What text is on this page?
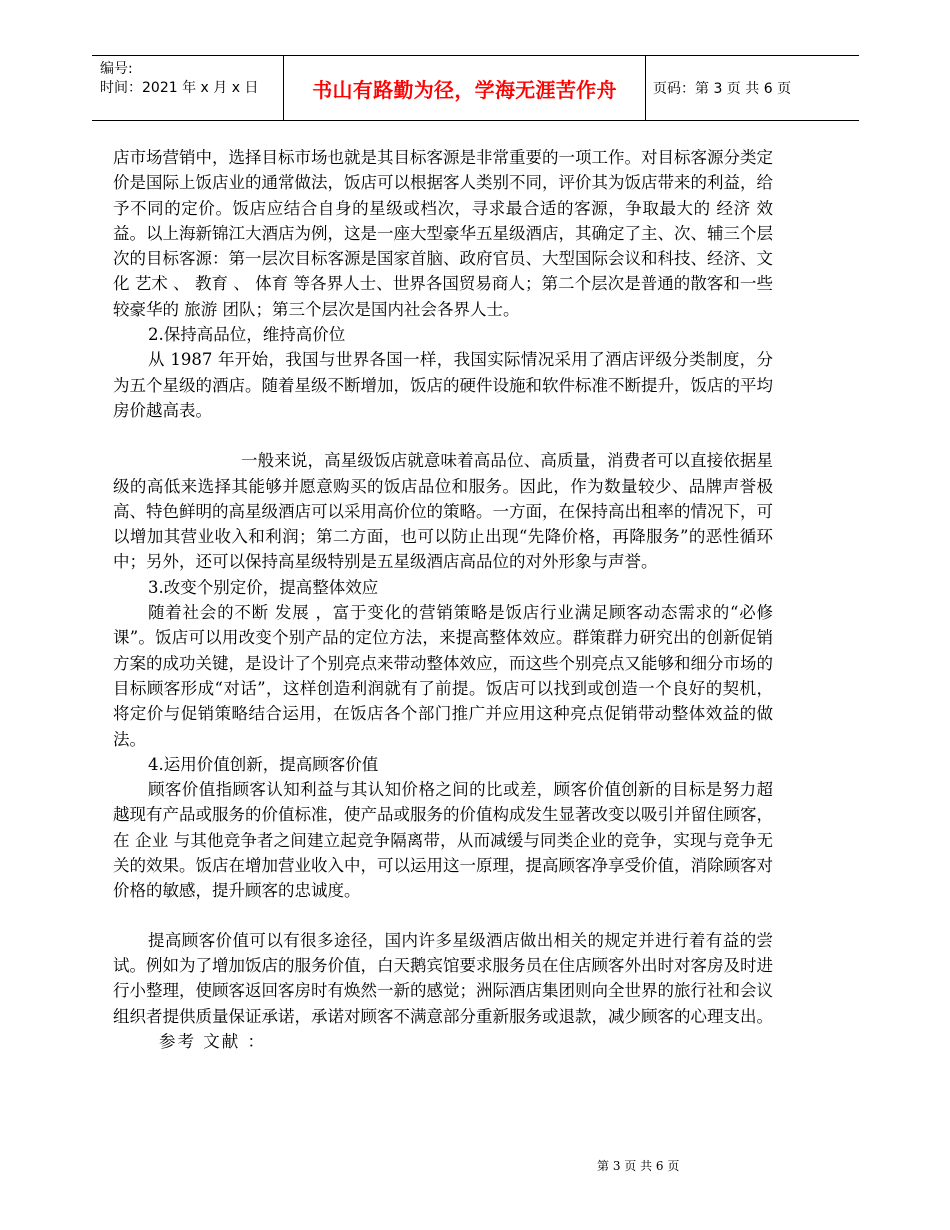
编号:
时间：2021 年 x 月 x 日	书山有路勤为径，学海无涯苦作舟	页码：第 3 页 共 6 页

店市场营销中，选择目标市场也就是其目标客源是非常重要的一项工作。对目标客源分类定价是国际上饭店业的通常做法，饭店可以根据客人类别不同，评价其为饭店带来的利益，给予不同的定价。饭店应结合自身的星级或档次，寻求最合适的客源，争取最大的 经济 效益。以上海新锦江大酒店为例，这是一座大型豪华五星级酒店，其确定了主、次、辅三个层次的目标客源：第一层次目标客源是国家首脑、政府官员、大型国际会议和科技、经济、文化 艺术 、 教育 、 体育 等各界人士、世界各国贸易商人；第二个层次是普通的散客和一些较豪华的 旅游 团队；第三个层次是国内社会各界人士。

2.保持高品位，维持高价位

从 1987 年开始，我国与世界各国一样，我国实际情况采用了酒店评级分类制度，分为五个星级的酒店。随着星级不断增加，饭店的硬件设施和软件标准不断提升，饭店的平均房价越高表。

一般来说，高星级饭店就意味着高品位、高质量，消费者可以直接依据星级的高低来选择其能够并愿意购买的饭店品位和服务。因此，作为数量较少、品牌声誉极高、特色鲜明的高星级酒店可以采用高价位的策略。一方面，在保持高出租率的情况下，可以增加其营业收入和利润；第二方面，也可以防止出现“先降价格，再降服务”的恶性循环中；另外，还可以保持高星级特别是五星级酒店高品位的对外形象与声誉。

3.改变个别定价，提高整体效应

随着社会的不断 发展 ，富于变化的营销策略是饭店行业满足顾客动态需求的“必修课”。饭店可以用改变个别产品的定位方法，来提高整体效应。群策群力研究出的创新促销方案的成功关键，是设计了个别亮点来带动整体效应，而这些个别亮点又能够和细分市场的目标顾客形成“对话”，这样创造利润就有了前提。饭店可以找到或创造一个良好的契机，将定价与促销策略结合运用，在饭店各个部门推广并应用这种亮点促销带动整体效益的做法。

4.运用价值创新，提高顾客价值

顾客价值指顾客认知利益与其认知价格之间的比或差，顾客价值创新的目标是努力超越现有产品或服务的价值标准，使产品或服务的价值构成发生显著改变以吸引并留住顾客，在 企业 与其他竞争者之间建立起竞争隔离带，从而减缓与同类企业的竞争，实现与竞争无关的效果。饭店在增加营业收入中，可以运用这一原理，提高顾客净享受价值，消除顾客对价格的敏感，提升顾客的忠诚度。

提高顾客价值可以有很多途径，国内许多星级酒店做出相关的规定并进行着有益的尝试。例如为了增加饭店的服务价值，白天鹅宾馆要求服务员在住店顾客外出时对客房及时进行小整理，使顾客返回客房时有焕然一新的感觉；洲际酒店集团则向全世界的旅行社和会议组织者提供质量保证承诺，承诺对顾客不满意部分重新服务或退款，减少顾客的心理支出。

参考 文献 ：

第 3 页 共 6 页
